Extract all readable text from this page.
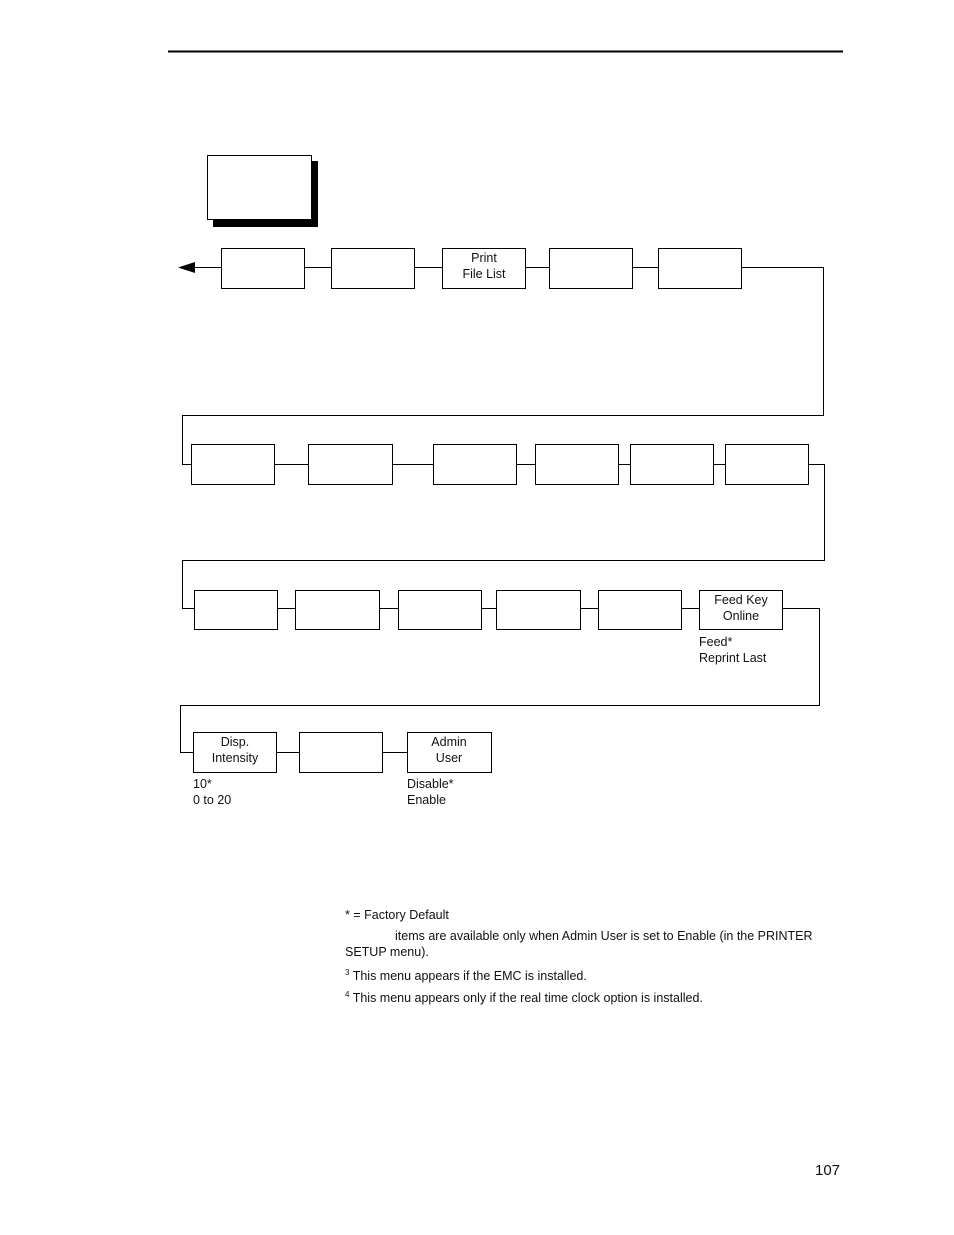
Print
File List
Feed Key
Online
Disp.
Intensity
Admin
User
Feed*
Reprint Last
10*
0 to 20
Disable*
Enable
* = Factory Default
items are available only when Admin User is set to Enable (in the PRINTER SETUP menu).
$^3$ This menu appears if the EMC is installed.
$^4$ This menu appears only if the real time clock option is installed.
107
